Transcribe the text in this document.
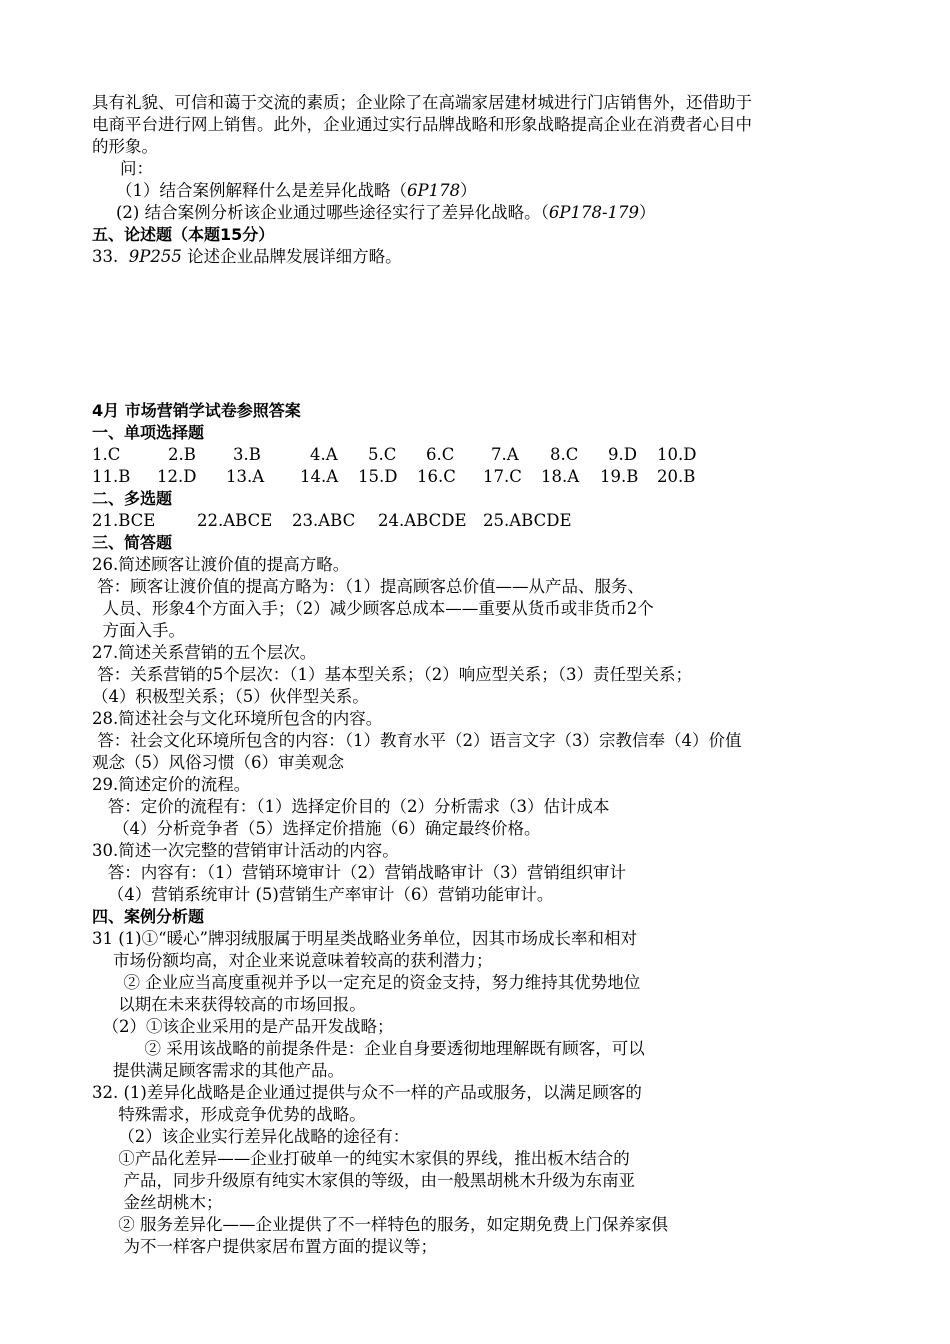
具有礼貌、可信和蔼于交流的素质；企业除了在高端家居建材城进行门店销售外，还借助于
电商平台进行网上销售。此外，企业通过实行品牌战略和形象战略提高企业在消费者心目中
的形象。
问：
（1）结合案例解释什么是差异化战略（6P178）
(2) 结合案例分析该企业通过哪些途径实行了差异化战略。（6P178-179）
五、论述题（本题15分）
33. 9P255 论述企业品牌发展详细方略。
4月 市场营销学试卷参照答案
一、单项选择题
1.C	2.B 3.B	4.A 5.C 6.C 7.A 8.C 9.D 10.D
11.B 12.D 13.A 14.A 15.D 16.C 17.C 18.A 19.B 20.B
二、多选题
21.BCE	22.ABCE 23.ABC 24.ABCDE 25.ABCDE
三、简答题
26.简述顾客让渡价值的提高方略。
答：顾客让渡价值的提高方略为：（1）提高顾客总价值——从产品、服务、
人员、形象4个方面入手；（2）减少顾客总成本——重要从货币或非货币2个
方面入手。
27.简述关系营销的五个层次。
答：关系营销的5个层次：（1）基本型关系；（2）响应型关系；（3）责任型关系；
（4）积极型关系；（5）伙伴型关系。
28.简述社会与文化环境所包含的内容。
答：社会文化环境所包含的内容：（1）教育水平（2）语言文字（3）宗教信奉（4）价值
观念（5）风俗习惯（6）审美观念
29.简述定价的流程。
答：定价的流程有：（1）选择定价目的（2）分析需求（3）估计成本
（4）分析竞争者（5）选择定价措施（6）确定最终价格。
30.简述一次完整的营销审计活动的内容。
答：内容有：（1）营销环境审计（2）营销战略审计（3）营销组织审计
（4）营销系统审计 (5)营销生产率审计（6）营销功能审计。
四、案例分析题
31 (1)①“暖心”牌羽绒服属于明星类战略业务单位，因其市场成长率和相对
市场份额均高，对企业来说意味着较高的获利潜力；
② 企业应当高度重视并予以一定充足的资金支持，努力维持其优势地位
以期在未来获得较高的市场回报。
（2）①该企业采用的是产品开发战略；
② 采用该战略的前提条件是：企业自身要透彻地理解既有顾客，可以
提供满足顾客需求的其他产品。
32. (1)差异化战略是企业通过提供与众不一样的产品或服务，以满足顾客的
特殊需求，形成竞争优势的战略。
（2）该企业实行差异化战略的途径有：
①产品化差异——企业打破单一的纯实木家俱的界线，推出板木结合的
产品，同步升级原有纯实木家俱的等级，由一般黑胡桃木升级为东南亚
金丝胡桃木；
② 服务差异化——企业提供了不一样特色的服务，如定期免费上门保养家俱
为不一样客户提供家居布置方面的提议等；
